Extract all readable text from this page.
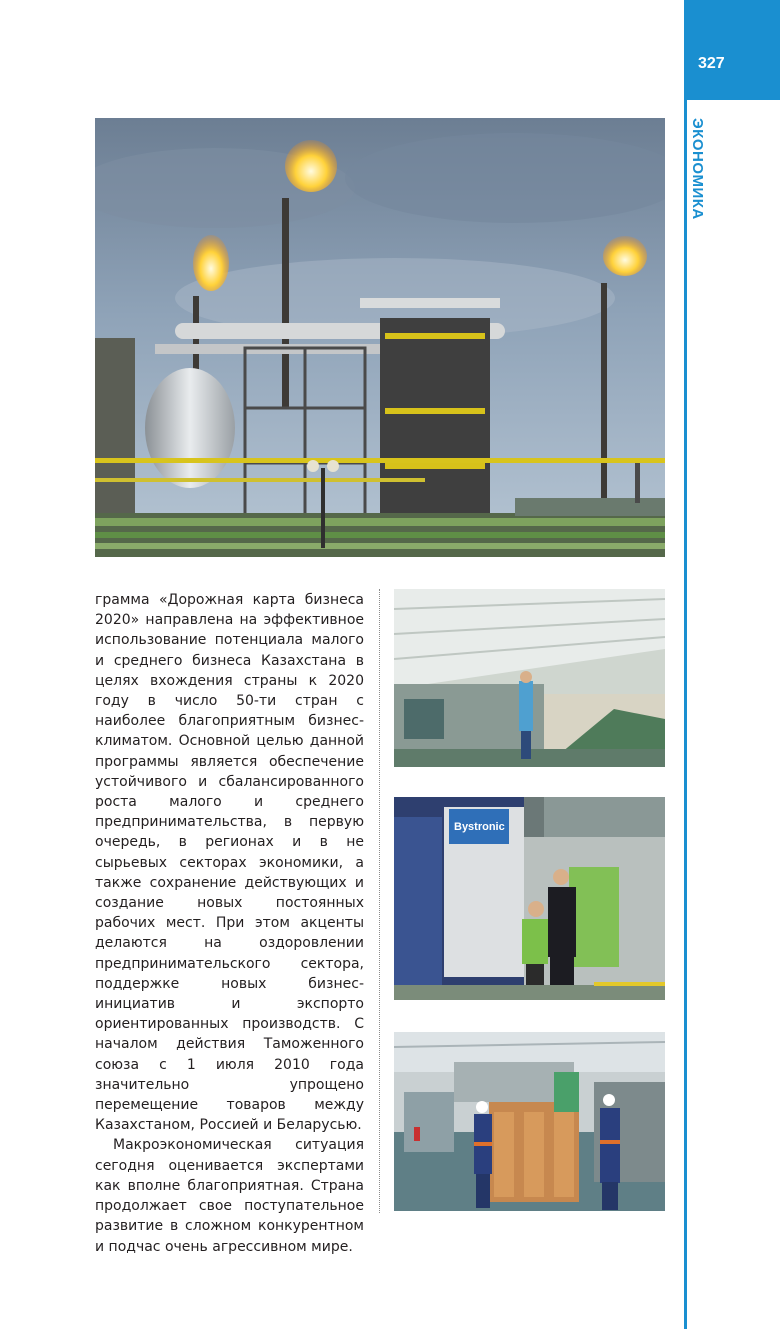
327
ЭКОНОМИКА

грамма «Дорожная карта бизнеса 2020» направлена на эффективное использование потенциала малого и среднего бизнеса Казахстана в целях вхождения страны к 2020 году в число 50-ти стран с наиболее благоприятным бизнес-климатом. Основной целью данной программы является обеспечение устойчивого и сбалансированного роста малого и среднего предпринимательства, в первую очередь, в регионах и в не сырьевых секторах экономики, а также сохранение действующих и создание новых постоянных рабочих мест. При этом акценты делаются на оздоровлении предпринимательского сектора, поддержке новых бизнес-инициатив и экспорто ориентированных производств. С началом действия Таможенного союза с 1 июля 2010 года значительно упрощено перемещение товаров между Казахстаном, Россией и Беларусью.

Макроэкономическая ситуация сегодня оценивается экспертами как вполне благоприятная. Страна продолжает свое поступательное развитие в сложном конкурентном и подчас очень агрессивном мире.

Bystronic
